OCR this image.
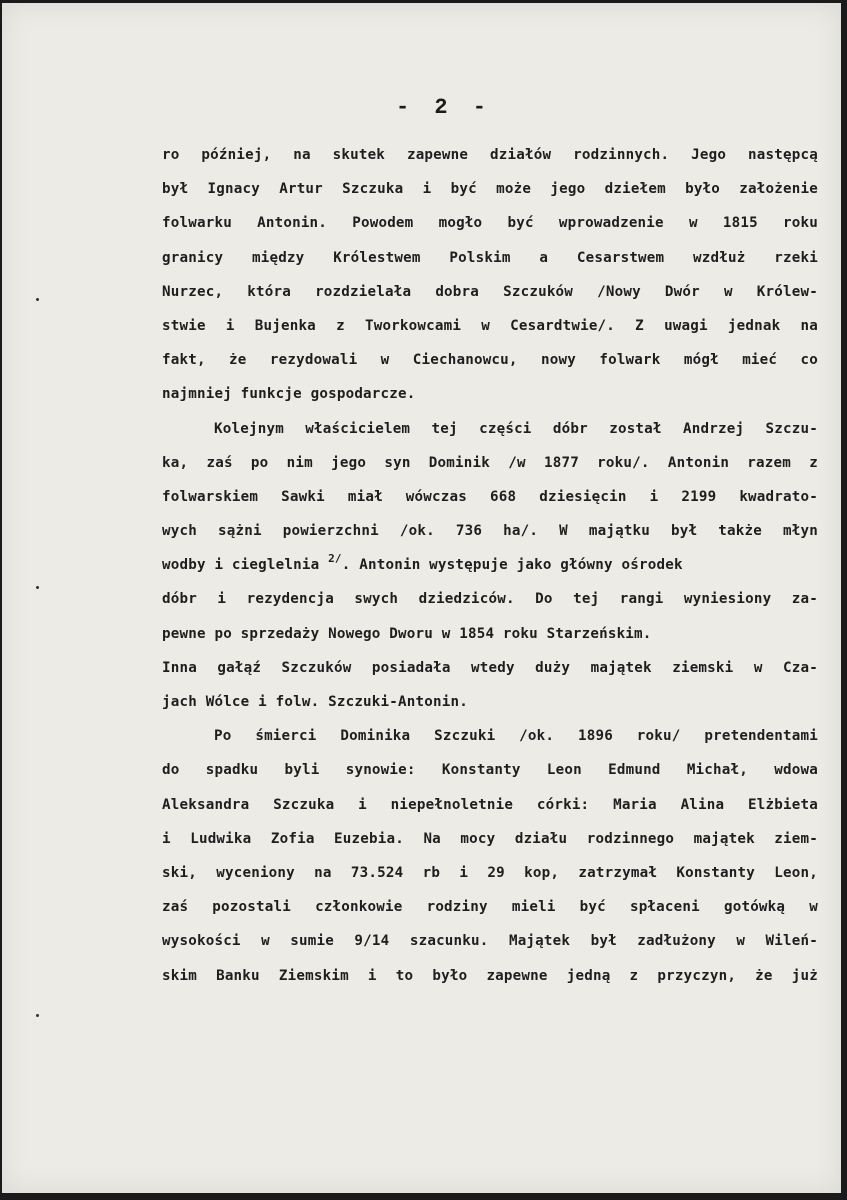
- 2 -
ro później, na skutek zapewne działów rodzinnych. Jego następcą
był Ignacy Artur Szczuka i być może jego dziełem było założenie
folwarku Antonin. Powodem mogło być wprowadzenie w 1815 roku
granicy między Królestwem Polskim a Cesarstwem wzdłuż rzeki
Nurzec, która rozdzielała dobra Szczuków /Nowy Dwór w Królew-
stwie i Bujenka z Tworkowcami w Cesardtwie/. Z uwagi jednak na
fakt, że rezydowali w Ciechanowcu, nowy folwark mógł mieć co
najmniej funkcje gospodarcze.
Kolejnym właścicielem tej części dóbr został Andrzej Szczu-
ka, zaś po nim jego syn Dominik /w 1877 roku/. Antonin razem z
folwarskiem Sawki miał wówczas 668 dziesięcin i 2199 kwadrato-
wych sążni powierzchni /ok. 736 ha/. W majątku był także młyn
wodby i cieglelnia $^{2/}$. Antonin występuje jako główny ośrodek
dóbr i rezydencja swych dziedziców. Do tej rangi wyniesiony za-
pewne po sprzedaży Nowego Dworu w 1854 roku Starzeńskim.
Inna gałąź Szczuków posiadała wtedy duży majątek ziemski w Cza-
jach Wólce i folw. Szczuki-Antonin.
Po śmierci Dominika Szczuki /ok. 1896 roku/ pretendentami
do spadku byli synowie: Konstanty Leon Edmund Michał, wdowa
Aleksandra Szczuka i niepełnoletnie córki: Maria Alina Elżbieta
i Ludwika Zofia Euzebia. Na mocy działu rodzinnego majątek ziem-
ski, wyceniony na 73.524 rb i 29 kop, zatrzymał Konstanty Leon,
zaś pozostali członkowie rodziny mieli być spłaceni gotówką w
wysokości w sumie 9/14 szacunku. Majątek był zadłużony w Wileń-
skim Banku Ziemskim i to było zapewne jedną z przyczyn, że już
